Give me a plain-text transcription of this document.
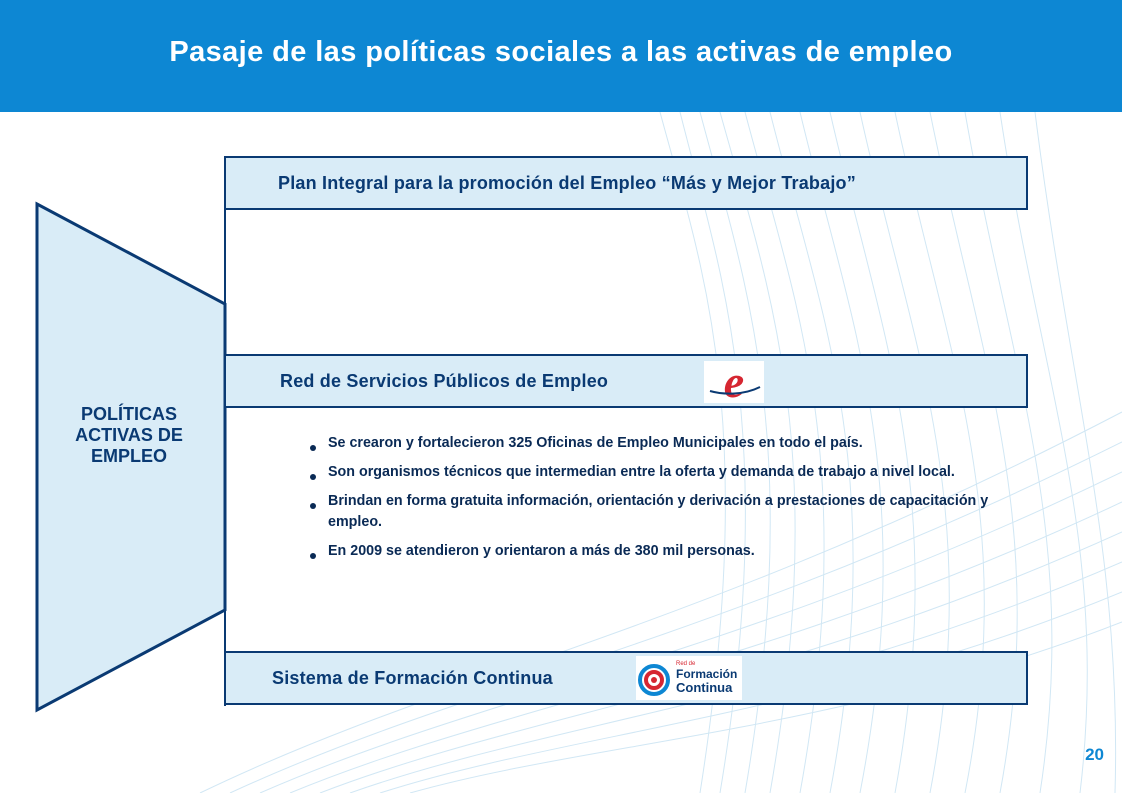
Pasaje de las políticas sociales a las activas de empleo
POLÍTICAS ACTIVAS DE EMPLEO
Plan Integral para la promoción del Empleo “Más y Mejor Trabajo”
Red de Servicios Públicos de Empleo	e
Se crearon y fortalecieron 325 Oficinas de Empleo Municipales en todo el país.
Son organismos técnicos que intermedian entre la oferta y demanda de trabajo a nivel local.
Brindan en forma gratuita información, orientación y derivación a prestaciones de capacitación y empleo.
En 2009 se atendieron y orientaron a más de 380 mil personas.
Sistema de Formación Continua
Red de
Formación
Continua
20
